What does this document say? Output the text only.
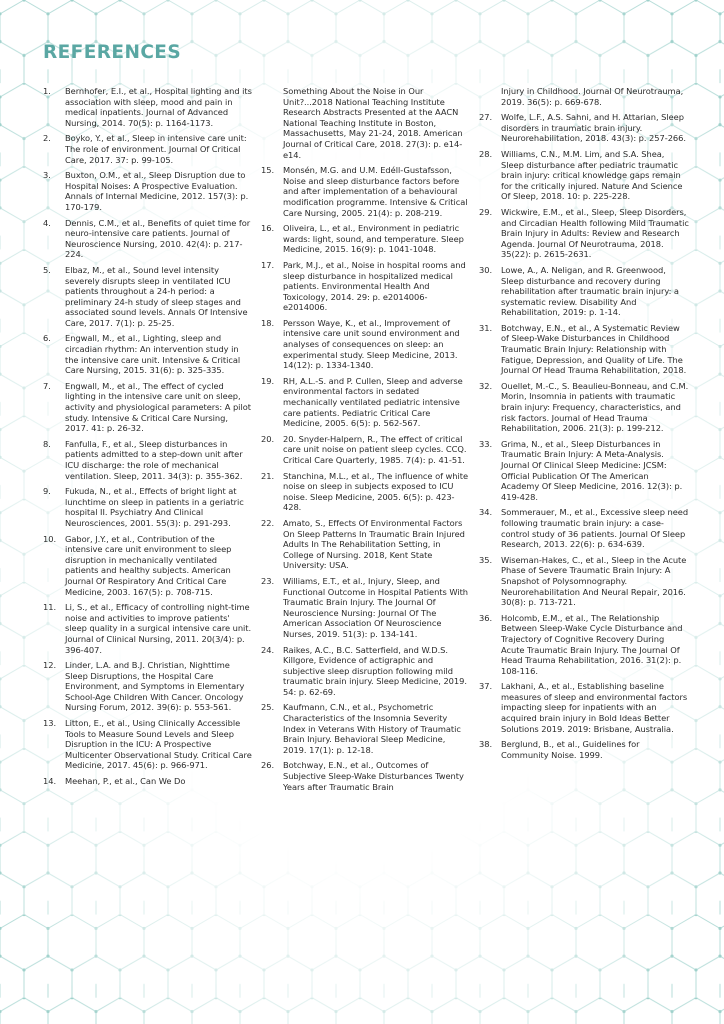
REFERENCES
1.	Bernhofer, E.I., et al., Hospital lighting and its association with sleep, mood and pain in medical inpatients. Journal of Advanced Nursing, 2014. 70(5): p. 1164-1173.
2.	Boyko, Y., et al., Sleep in intensive care unit: The role of environment. Journal Of Critical Care, 2017. 37: p. 99-105.
3.	Buxton, O.M., et al., Sleep Disruption due to Hospital Noises: A Prospective Evaluation. Annals of Internal Medicine, 2012. 157(3): p. 170-179.
4.	Dennis, C.M., et al., Benefits of quiet time for neuro-intensive care patients. Journal of Neuroscience Nursing, 2010. 42(4): p. 217-224.
5.	Elbaz, M., et al., Sound level intensity severely disrupts sleep in ventilated ICU patients throughout a 24-h period: a preliminary 24-h study of sleep stages and associated sound levels. Annals Of Intensive Care, 2017. 7(1): p. 25-25.
6.	Engwall, M., et al., Lighting, sleep and circadian rhythm: An intervention study in the intensive care unit. Intensive & Critical Care Nursing, 2015. 31(6): p. 325-335.
7.	Engwall, M., et al., The effect of cycled lighting in the intensive care unit on sleep, activity and physiological parameters: A pilot study. Intensive & Critical Care Nursing, 2017. 41: p. 26-32.
8.	Fanfulla, F., et al., Sleep disturbances in patients admitted to a step-down unit after ICU discharge: the role of mechanical ventilation. Sleep, 2011. 34(3): p. 355-362.
9.	Fukuda, N., et al., Effects of bright light at lunchtime on sleep in patients in a geriatric hospital II. Psychiatry And Clinical Neurosciences, 2001. 55(3): p. 291-293.
10.	Gabor, J.Y., et al., Contribution of the intensive care unit environment to sleep disruption in mechanically ventilated patients and healthy subjects. American Journal Of Respiratory And Critical Care Medicine, 2003. 167(5): p. 708-715.
11.	Li, S., et al., Efficacy of controlling night-time noise and activities to improve patients' sleep quality in a surgical intensive care unit. Journal of Clinical Nursing, 2011. 20(3/4): p. 396-407.
12.	Linder, L.A. and B.J. Christian, Nighttime Sleep Disruptions, the Hospital Care Environment, and Symptoms in Elementary School-Age Children With Cancer. Oncology Nursing Forum, 2012. 39(6): p. 553-561.
13.	Litton, E., et al., Using Clinically Accessible Tools to Measure Sound Levels and Sleep Disruption in the ICU: A Prospective Multicenter Observational Study. Critical Care Medicine, 2017. 45(6): p. 966-971.
14.	Meehan, P., et al., Can We Do
Something About the Noise in Our Unit?...2018 National Teaching Institute Research Abstracts Presented at the AACN National Teaching Institute in Boston, Massachusetts, May 21-24, 2018. American Journal of Critical Care, 2018. 27(3): p. e14-e14.
15.	Monsén, M.G. and U.M. Edéll-Gustafsson, Noise and sleep disturbance factors before and after implementation of a behavioural modification programme. Intensive & Critical Care Nursing, 2005. 21(4): p. 208-219.
16.	Oliveira, L., et al., Environment in pediatric wards: light, sound, and temperature. Sleep Medicine, 2015. 16(9): p. 1041-1048.
17.	Park, M.J., et al., Noise in hospital rooms and sleep disturbance in hospitalized medical patients. Environmental Health And Toxicology, 2014. 29: p. e2014006-e2014006.
18.	Persson Waye, K., et al., Improvement of intensive care unit sound environment and analyses of consequences on sleep: an experimental study. Sleep Medicine, 2013. 14(12): p. 1334-1340.
19.	RH, A.L.-S. and P. Cullen, Sleep and adverse environmental factors in sedated mechanically ventilated pediatric intensive care patients. Pediatric Critical Care Medicine, 2005. 6(5): p. 562-567.
20.	20. Snyder-Halpern, R., The effect of critical care unit noise on patient sleep cycles. CCQ. Critical Care Quarterly, 1985. 7(4): p. 41-51.
21.	Stanchina, M.L., et al., The influence of white noise on sleep in subjects exposed to ICU noise. Sleep Medicine, 2005. 6(5): p. 423-428.
22.	Amato, S., Effects Of Environmental Factors On Sleep Patterns In Traumatic Brain Injured Adults In The Rehabilitation Setting, in College of Nursing. 2018, Kent State University: USA.
23.	Williams, E.T., et al., Injury, Sleep, and Functional Outcome in Hospital Patients With Traumatic Brain Injury. The Journal Of Neuroscience Nursing: Journal Of The American Association Of Neuroscience Nurses, 2019. 51(3): p. 134-141.
24.	Raikes, A.C., B.C. Satterfield, and W.D.S. Killgore, Evidence of actigraphic and subjective sleep disruption following mild traumatic brain injury. Sleep Medicine, 2019. 54: p. 62-69.
25.	Kaufmann, C.N., et al., Psychometric Characteristics of the Insomnia Severity Index in Veterans With History of Traumatic Brain Injury. Behavioral Sleep Medicine, 2019. 17(1): p. 12-18.
26.	Botchway, E.N., et al., Outcomes of Subjective Sleep-Wake Disturbances Twenty Years after Traumatic Brain
Injury in Childhood. Journal Of Neurotrauma, 2019. 36(5): p. 669-678.
27.	Wolfe, L.F., A.S. Sahni, and H. Attarian, Sleep disorders in traumatic brain injury. Neurorehabilitation, 2018. 43(3): p. 257-266.
28.	Williams, C.N., M.M. Lim, and S.A. Shea, Sleep disturbance after pediatric traumatic brain injury: critical knowledge gaps remain for the critically injured. Nature And Science Of Sleep, 2018. 10: p. 225-228.
29.	Wickwire, E.M., et al., Sleep, Sleep Disorders, and Circadian Health following Mild Traumatic Brain Injury in Adults: Review and Research Agenda. Journal Of Neurotrauma, 2018. 35(22): p. 2615-2631.
30.	Lowe, A., A. Neligan, and R. Greenwood, Sleep disturbance and recovery during rehabilitation after traumatic brain injury: a systematic review. Disability And Rehabilitation, 2019: p. 1-14.
31.	Botchway, E.N., et al., A Systematic Review of Sleep-Wake Disturbances in Childhood Traumatic Brain Injury: Relationship with Fatigue, Depression, and Quality of Life. The Journal Of Head Trauma Rehabilitation, 2018.
32.	Ouellet, M.-C., S. Beaulieu-Bonneau, and C.M. Morin, Insomnia in patients with traumatic brain injury: Frequency, characteristics, and risk factors. Journal of Head Trauma Rehabilitation, 2006. 21(3): p. 199-212.
33.	Grima, N., et al., Sleep Disturbances in Traumatic Brain Injury: A Meta-Analysis. Journal Of Clinical Sleep Medicine: JCSM: Official Publication Of The American Academy Of Sleep Medicine, 2016. 12(3): p. 419-428.
34.	Sommerauer, M., et al., Excessive sleep need following traumatic brain injury: a case-control study of 36 patients. Journal Of Sleep Research, 2013. 22(6): p. 634-639.
35.	Wiseman-Hakes, C., et al., Sleep in the Acute Phase of Severe Traumatic Brain Injury: A Snapshot of Polysomnography. Neurorehabilitation And Neural Repair, 2016. 30(8): p. 713-721.
36.	Holcomb, E.M., et al., The Relationship Between Sleep-Wake Cycle Disturbance and Trajectory of Cognitive Recovery During Acute Traumatic Brain Injury. The Journal Of Head Trauma Rehabilitation, 2016. 31(2): p. 108-116.
37.	Lakhani, A., et al., Establishing baseline measures of sleep and environmental factors impacting sleep for inpatients with an acquired brain injury in Bold Ideas Better Solutions 2019. 2019: Brisbane, Australia.
38.	Berglund, B., et al., Guidelines for Community Noise. 1999.
